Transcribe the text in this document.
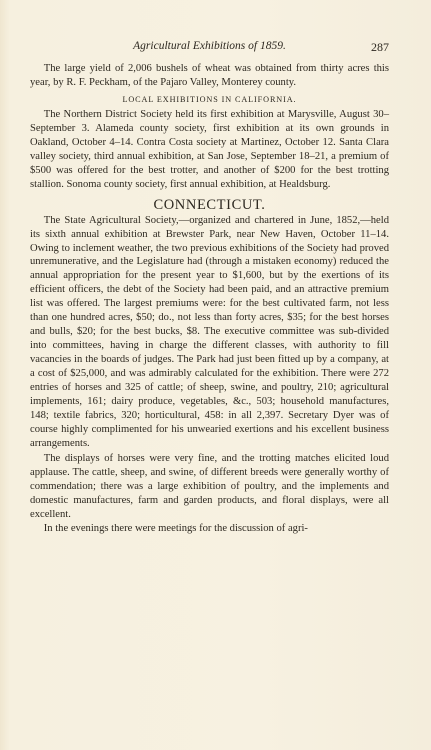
Agricultural Exhibitions of 1859.	287

The large yield of 2,006 bushels of wheat was obtained from thirty acres this year, by R. F. Peckham, of the Pajaro Valley, Monterey county.

LOCAL EXHIBITIONS IN CALIFORNIA.

The Northern District Society held its first exhibition at Marysville, August 30–September 3. Alameda county society, first exhibition at its own grounds in Oakland, October 4–14. Contra Costa society at Martinez, October 12. Santa Clara valley society, third annual exhibition, at San Jose, September 18–21, a premium of $500 was offered for the best trotter, and another of $200 for the best trotting stallion. Sonoma county society, first annual exhibition, at Healdsburg.

CONNECTICUT.

The State Agricultural Society,—organized and chartered in June, 1852,—held its sixth annual exhibition at Brewster Park, near New Haven, October 11–14. Owing to inclement weather, the two previous exhibitions of the Society had proved unremunerative, and the Legislature had (through a mistaken economy) reduced the annual appropriation for the present year to $1,600, but by the exertions of its efficient officers, the debt of the Society had been paid, and an attractive premium list was offered. The largest premiums were: for the best cultivated farm, not less than one hundred acres, $50; do., not less than forty acres, $35; for the best horses and bulls, $20; for the best bucks, $8. The executive committee was sub-divided into committees, having in charge the different classes, with authority to fill vacancies in the boards of judges. The Park had just been fitted up by a company, at a cost of $25,000, and was admirably calculated for the exhibition. There were 272 entries of horses and 325 of cattle; of sheep, swine, and poultry, 210; agricultural implements, 161; dairy produce, vegetables, &c., 503; household manufactures, 148; textile fabrics, 320; horticultural, 458: in all 2,397. Secretary Dyer was of course highly complimented for his unwearied exertions and his excellent business arrangements.

The displays of horses were very fine, and the trotting matches elicited loud applause. The cattle, sheep, and swine, of different breeds were generally worthy of commendation; there was a large exhibition of poultry, and the implements and domestic manufactures, farm and garden products, and floral displays, were all excellent.

In the evenings there were meetings for the discussion of agri-
